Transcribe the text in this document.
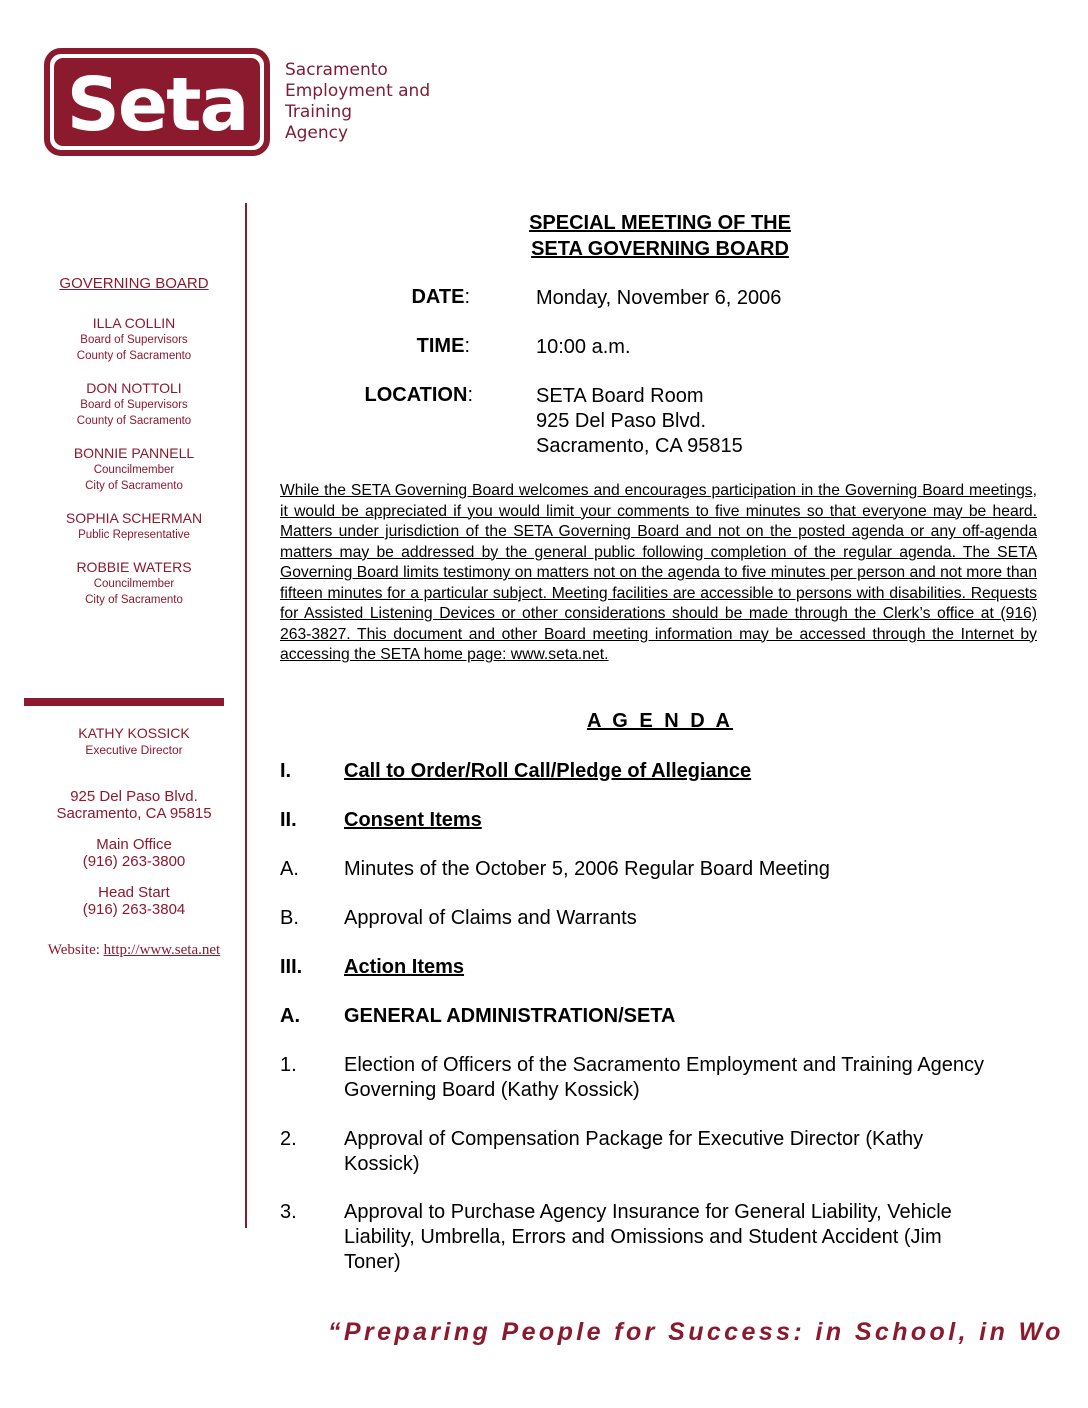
Seta Sacramento
Employment and
Training
Agency
GOVERNING BOARD
ILLA COLLIN
Board of Supervisors
County of Sacramento
DON NOTTOLI
Board of Supervisors
County of Sacramento
BONNIE PANNELL
Councilmember
City of Sacramento
SOPHIA SCHERMAN
Public Representative
ROBBIE WATERS
Councilmember
City of Sacramento
KATHY KOSSICK
Executive Director
925 Del Paso Blvd.
Sacramento, CA 95815
Main Office
(916) 263-3800
Head Start
(916) 263-3804
Website: http://www.seta.net
SPECIAL MEETING OF THE
SETA GOVERNING BOARD
DATE:	Monday, November 6, 2006
TIME:	10:00 a.m.
LOCATION:	SETA Board Room
925 Del Paso Blvd.
Sacramento, CA 95815
While the SETA Governing Board welcomes and encourages participation in the Governing Board meetings, it would be appreciated if you would limit your comments to five minutes so that everyone may be heard. Matters under jurisdiction of the SETA Governing Board and not on the posted agenda or any off-agenda matters may be addressed by the general public following completion of the regular agenda. The SETA Governing Board limits testimony on matters not on the agenda to five minutes per person and not more than fifteen minutes for a particular subject. Meeting facilities are accessible to persons with disabilities. Requests for Assisted Listening Devices or other considerations should be made through the Clerk’s office at (916) 263-3827. This document and other Board meeting information may be accessed through the Internet by accessing the SETA home page: www.seta.net.
A G E N D A
I.	Call to Order/Roll Call/Pledge of Allegiance
II. Consent Items
A. Minutes of the October 5, 2006 Regular Board Meeting
B. Approval of Claims and Warrants
III. Action Items
A. GENERAL ADMINISTRATION/SETA
1. Election of Officers of the Sacramento Employment and Training Agency
Governing Board (Kathy Kossick)
2. Approval of Compensation Package for Executive Director (Kathy
Kossick)
3. Approval to Purchase Agency Insurance for General Liability, Vehicle
Liability, Umbrella, Errors and Omissions and Student Accident (Jim
Toner)
“Preparing People for Success: in School, in Wo
